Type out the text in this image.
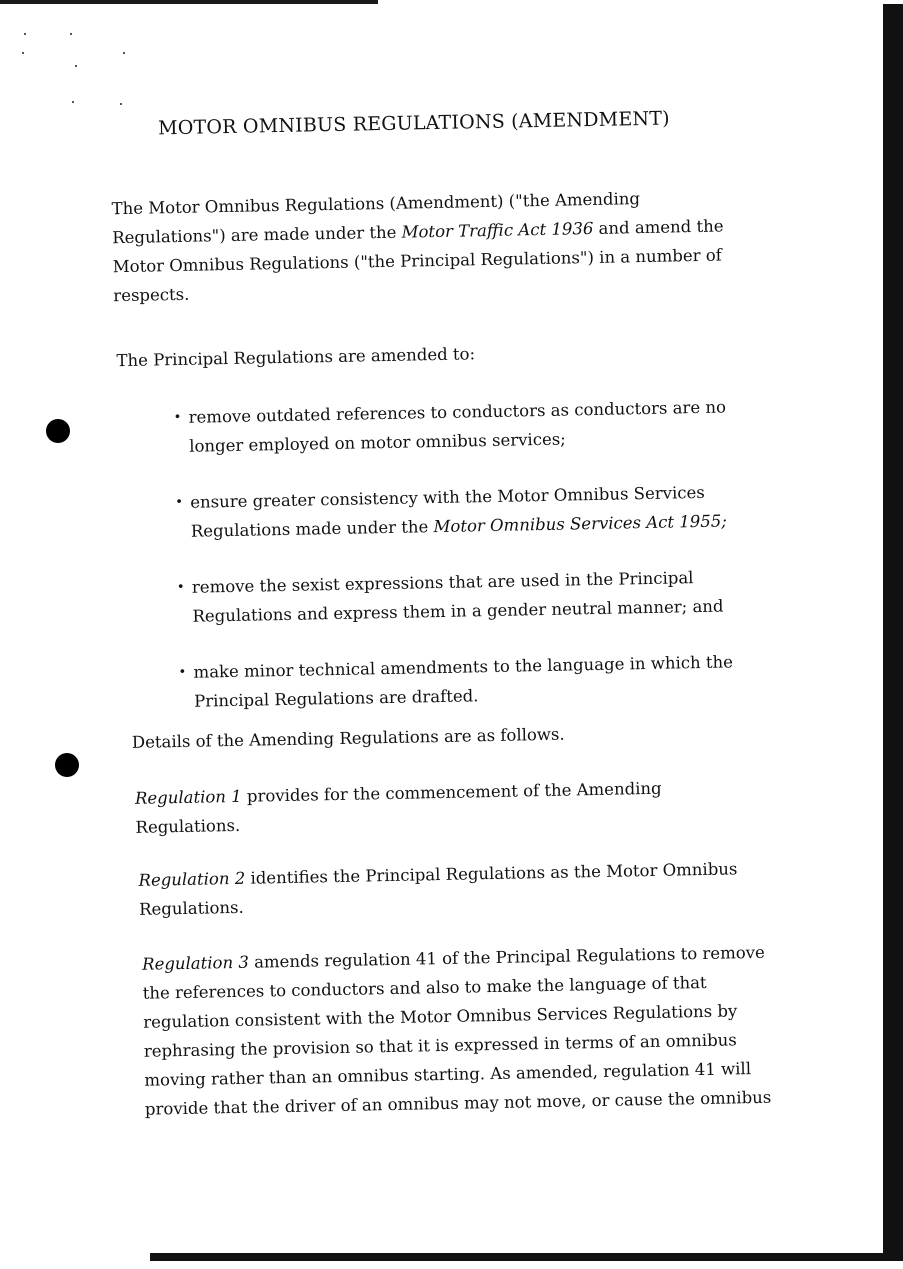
MOTOR OMNIBUS REGULATIONS (AMENDMENT)

The Motor Omnibus Regulations (Amendment) ("the Amending Regulations") are made under the Motor Traffic Act 1936 and amend the Motor Omnibus Regulations ("the Principal Regulations") in a number of respects.

The Principal Regulations are amended to:

• remove outdated references to conductors as conductors are no longer employed on motor omnibus services;
• ensure greater consistency with the Motor Omnibus Services Regulations made under the Motor Omnibus Services Act 1955;
• remove the sexist expressions that are used in the Principal Regulations and express them in a gender neutral manner; and
• make minor technical amendments to the language in which the Principal Regulations are drafted.

Details of the Amending Regulations are as follows.

Regulation 1 provides for the commencement of the Amending Regulations.

Regulation 2 identifies the Principal Regulations as the Motor Omnibus Regulations.

Regulation 3 amends regulation 41 of the Principal Regulations to remove the references to conductors and also to make the language of that regulation consistent with the Motor Omnibus Services Regulations by rephrasing the provision so that it is expressed in terms of an omnibus moving rather than an omnibus starting. As amended, regulation 41 will provide that the driver of an omnibus may not move, or cause the omnibus
